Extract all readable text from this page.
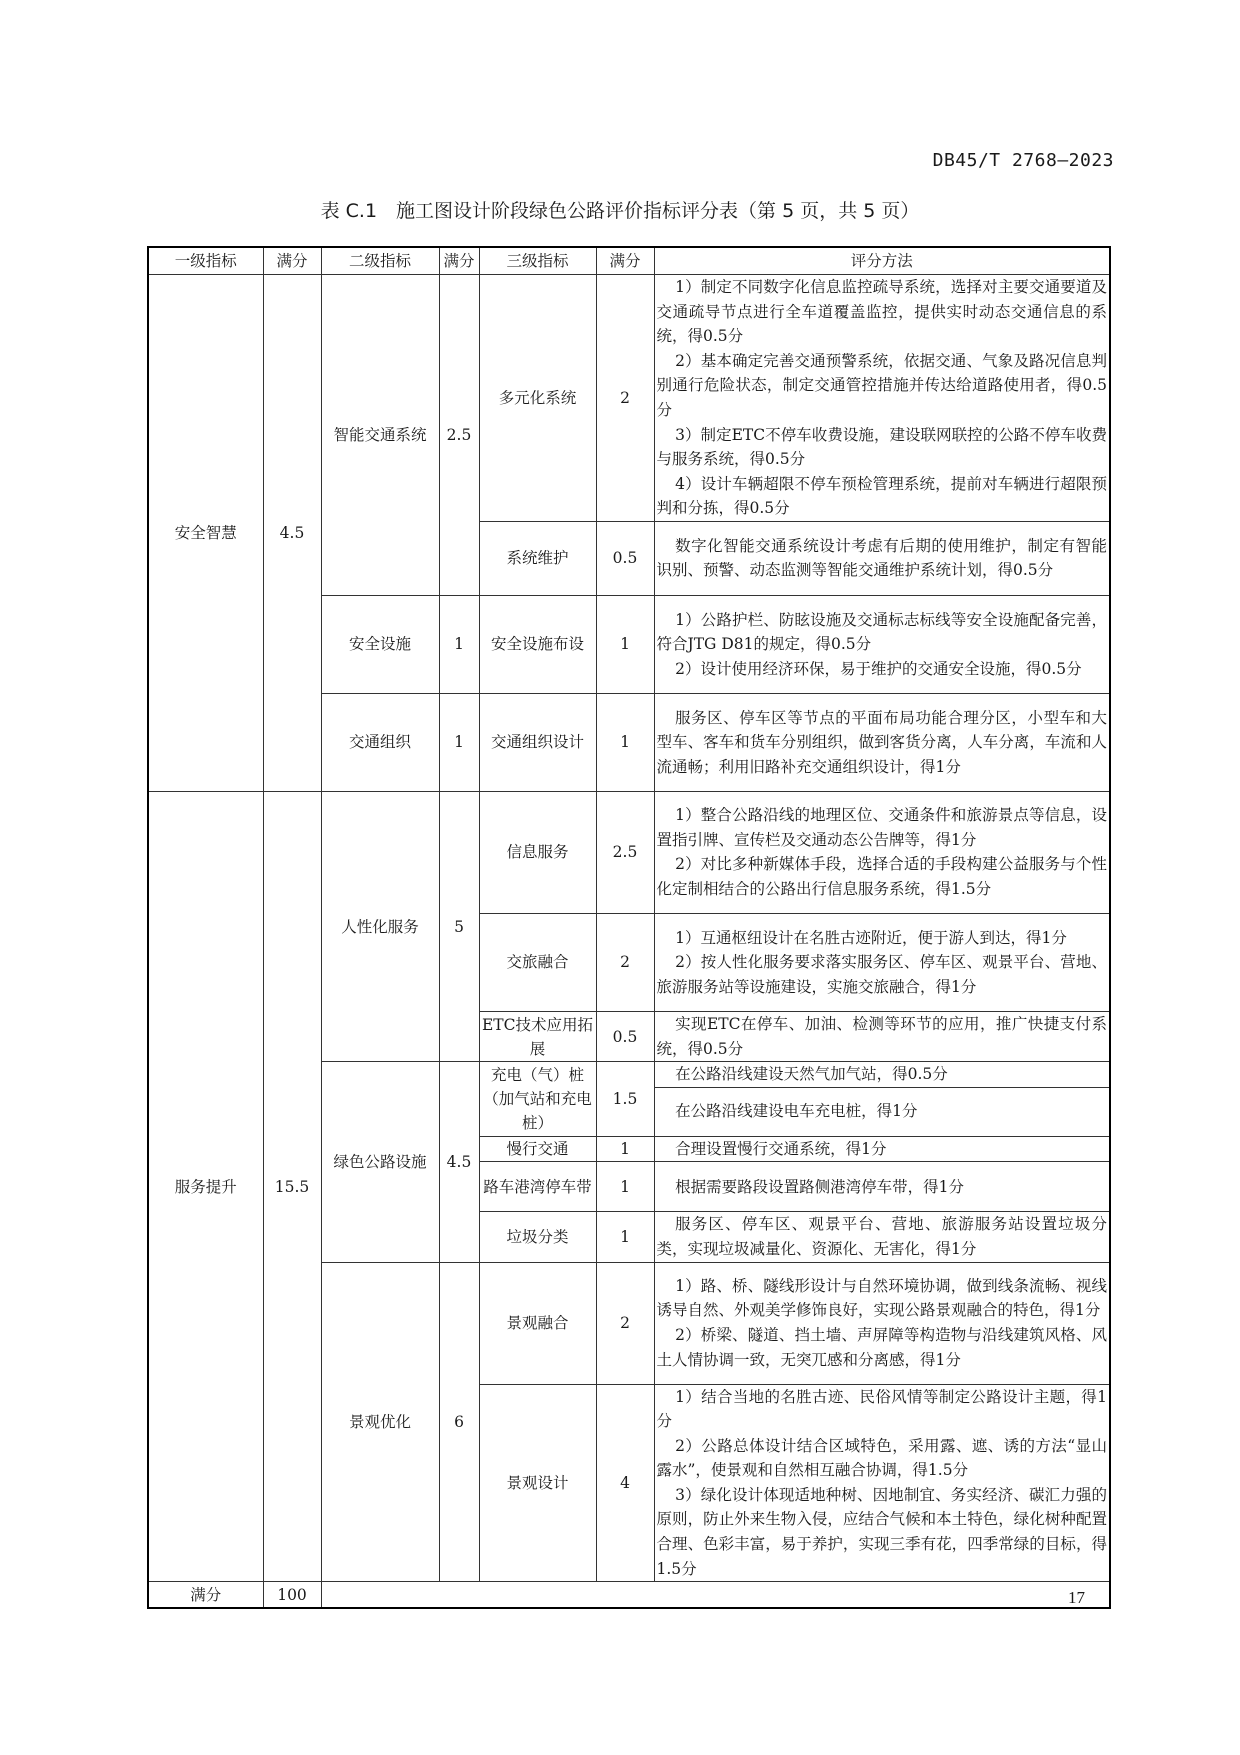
DB45/T 2768—2023
表 C.1　施工图设计阶段绿色公路评价指标评分表（第 5 页，共 5 页）
一级指标	满分	二级指标	满分	三级指标	满分	评分方法
安全智慧	4.5	智能交通系统	2.5	多元化系统	2	1）制定不同数字化信息监控疏导系统，选择对主要交通要道及交通疏导节点进行全车道覆盖监控，提供实时动态交通信息的系统，得0.5分
2）基本确定完善交通预警系统，依据交通、气象及路况信息判别通行危险状态，制定交通管控措施并传达给道路使用者，得0.5分
3）制定ETC不停车收费设施，建设联网联控的公路不停车收费与服务系统，得0.5分
4）设计车辆超限不停车预检管理系统，提前对车辆进行超限预判和分拣，得0.5分

				系统维护	0.5	数字化智能交通系统设计考虑有后期的使用维护，制定有智能识别、预警、动态监测等智能交通维护系统计划，得0.5分

		安全设施	1	安全设施布设	1	1）公路护栏、防眩设施及交通标志标线等安全设施配备完善，符合JTG D81的规定，得0.5分
2）设计使用经济环保，易于维护的交通安全设施，得0.5分

		交通组织	1	交通组织设计	1	服务区、停车区等节点的平面布局功能合理分区，小型车和大型车、客车和货车分别组织，做到客货分离，人车分离，车流和人流通畅；利用旧路补充交通组织设计，得1分

服务提升	15.5	人性化服务	5	信息服务	2.5	1）整合公路沿线的地理区位、交通条件和旅游景点等信息，设置指引牌、宣传栏及交通动态公告牌等，得1分
2）对比多种新媒体手段，选择合适的手段构建公益服务与个性化定制相结合的公路出行信息服务系统，得1.5分

				交旅融合	2	1）互通枢纽设计在名胜古迹附近，便于游人到达，得1分
2）按人性化服务要求落实服务区、停车区、观景平台、营地、旅游服务站等设施建设，实施交旅融合，得1分

				ETC技术应用拓展	0.5	实现ETC在停车、加油、检测等环节的应用，推广快捷支付系统，得0.5分

		绿色公路设施	4.5	充电（气）桩（加气站和充电桩）	1.5	在公路沿线建设天然气加气站，得0.5分

						在公路沿线建设电车充电桩，得1分

				慢行交通	1	合理设置慢行交通系统，得1分

				路车港湾停车带	1	根据需要路段设置路侧港湾停车带，得1分

				垃圾分类	1	服务区、停车区、观景平台、营地、旅游服务站设置垃圾分类，实现垃圾减量化、资源化、无害化，得1分

		景观优化	6	景观融合	2	1）路、桥、隧线形设计与自然环境协调，做到线条流畅、视线诱导自然、外观美学修饰良好，实现公路景观融合的特色，得1分
2）桥梁、隧道、挡土墙、声屏障等构造物与沿线建筑风格、风土人情协调一致，无突兀感和分离感，得1分

				景观设计	4	1）结合当地的名胜古迹、民俗风情等制定公路设计主题，得1分
2）公路总体设计结合区域特色，采用露、遮、诱的方法“显山露水”，使景观和自然相互融合协调，得1.5分
3）绿化设计体现适地种树、因地制宜、务实经济、碳汇力强的原则，防止外来生物入侵，应结合气候和本土特色，绿化树种配置合理、色彩丰富，易于养护，实现三季有花，四季常绿的目标，得1.5分

满分	100						17
